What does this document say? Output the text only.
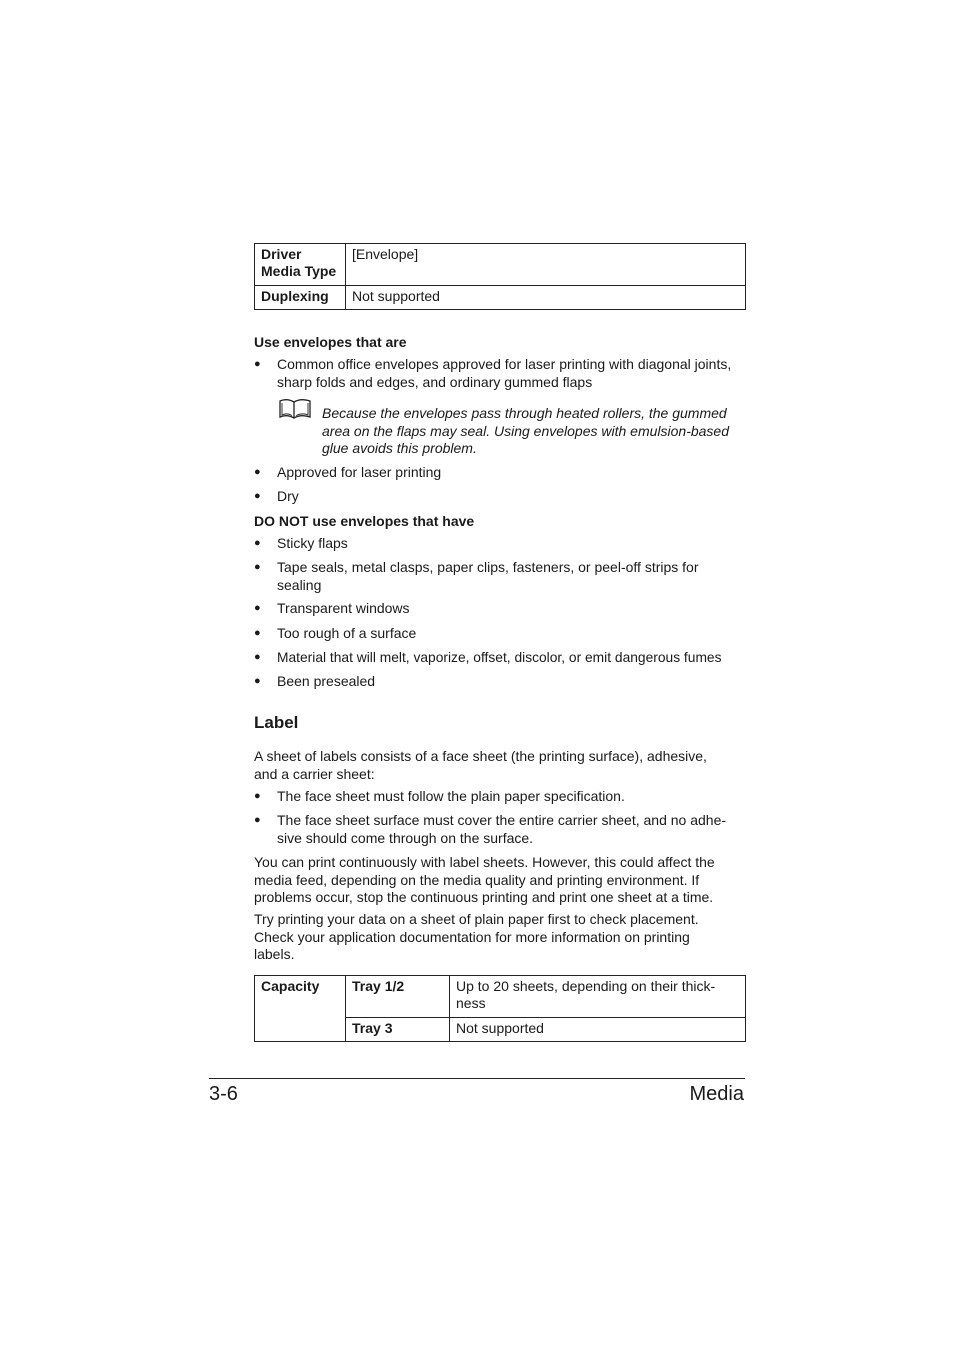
Driver Media Type	[Envelope]
Duplexing	Not supported
Use envelopes that are
●	Common office envelopes approved for laser printing with diagonal joints, sharp folds and edges, and ordinary gummed flaps
Because the envelopes pass through heated rollers, the gummed area on the flaps may seal. Using envelopes with emulsion-based glue avoids this problem.
●	Approved for laser printing
●	Dry
DO NOT use envelopes that have
●	Sticky flaps
●	Tape seals, metal clasps, paper clips, fasteners, or peel-off strips for sealing
●	Transparent windows
●	Too rough of a surface
●	Material that will melt, vaporize, offset, discolor, or emit dangerous fumes
●	Been presealed
Label
A sheet of labels consists of a face sheet (the printing surface), adhesive, and a carrier sheet:
●	The face sheet must follow the plain paper specification.
●	The face sheet surface must cover the entire carrier sheet, and no adhe-sive should come through on the surface.
You can print continuously with label sheets. However, this could affect the media feed, depending on the media quality and printing environment. If problems occur, stop the continuous printing and print one sheet at a time.
Try printing your data on a sheet of plain paper first to check placement. Check your application documentation for more information on printing labels.
Capacity	Tray 1/2	Up to 20 sheets, depending on their thick-ness
	Tray 3	Not supported
3-6	Media
